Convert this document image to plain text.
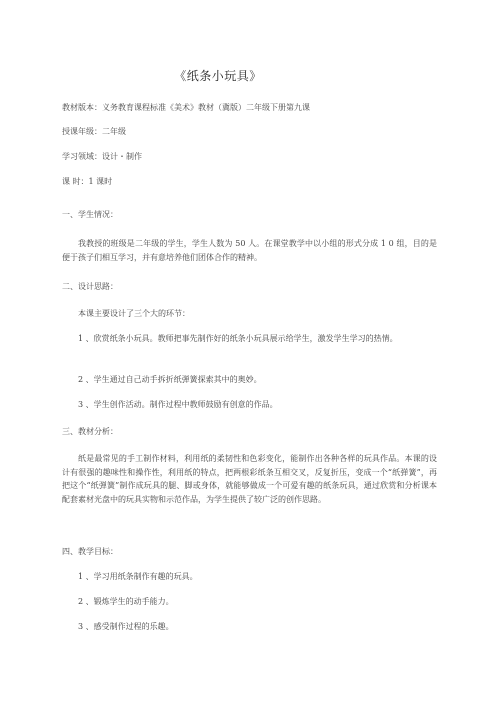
《纸条小玩具》
教材版本：义务教育课程标准《美术》教材（冀版）二年级下册第九课
授课年级：二年级
学习领域：设计・制作
课 时：1 课时
一、学生情况：
我教授的班级是二年级的学生，学生人数为 50 人。在课堂教学中以小组的形式分成 1 0 组，目的是便于孩子们相互学习，并有意培养他们团体合作的精神。
二、设计思路：
本课主要设计了三个大的环节：
1 、欣赏纸条小玩具。教师把事先制作好的纸条小玩具展示给学生，激发学生学习的热情。
2 、学生通过自己动手拆折纸弹簧探索其中的奥妙。
3 、学生创作活动。制作过程中教师鼓励有创意的作品。
三、教材分析：
纸是最常见的手工制作材料，利用纸的柔韧性和色彩变化，能制作出各种各样的玩具作品。本课的设计有很强的趣味性和操作性，利用纸的特点，把两根彩纸条互相交叉，反复折压，变成一个“纸弹簧”，再把这个“纸弹簧”制作成玩具的腿、脚或身体，就能够做成一个可爱有趣的纸条玩具，通过欣赏和分析课本配套素材光盘中的玩具实物和示范作品，为学生提供了较广泛的创作思路。
四、教学目标：
1 、学习用纸条制作有趣的玩具。
2 、锻炼学生的动手能力。
3 、感受制作过程的乐趣。
